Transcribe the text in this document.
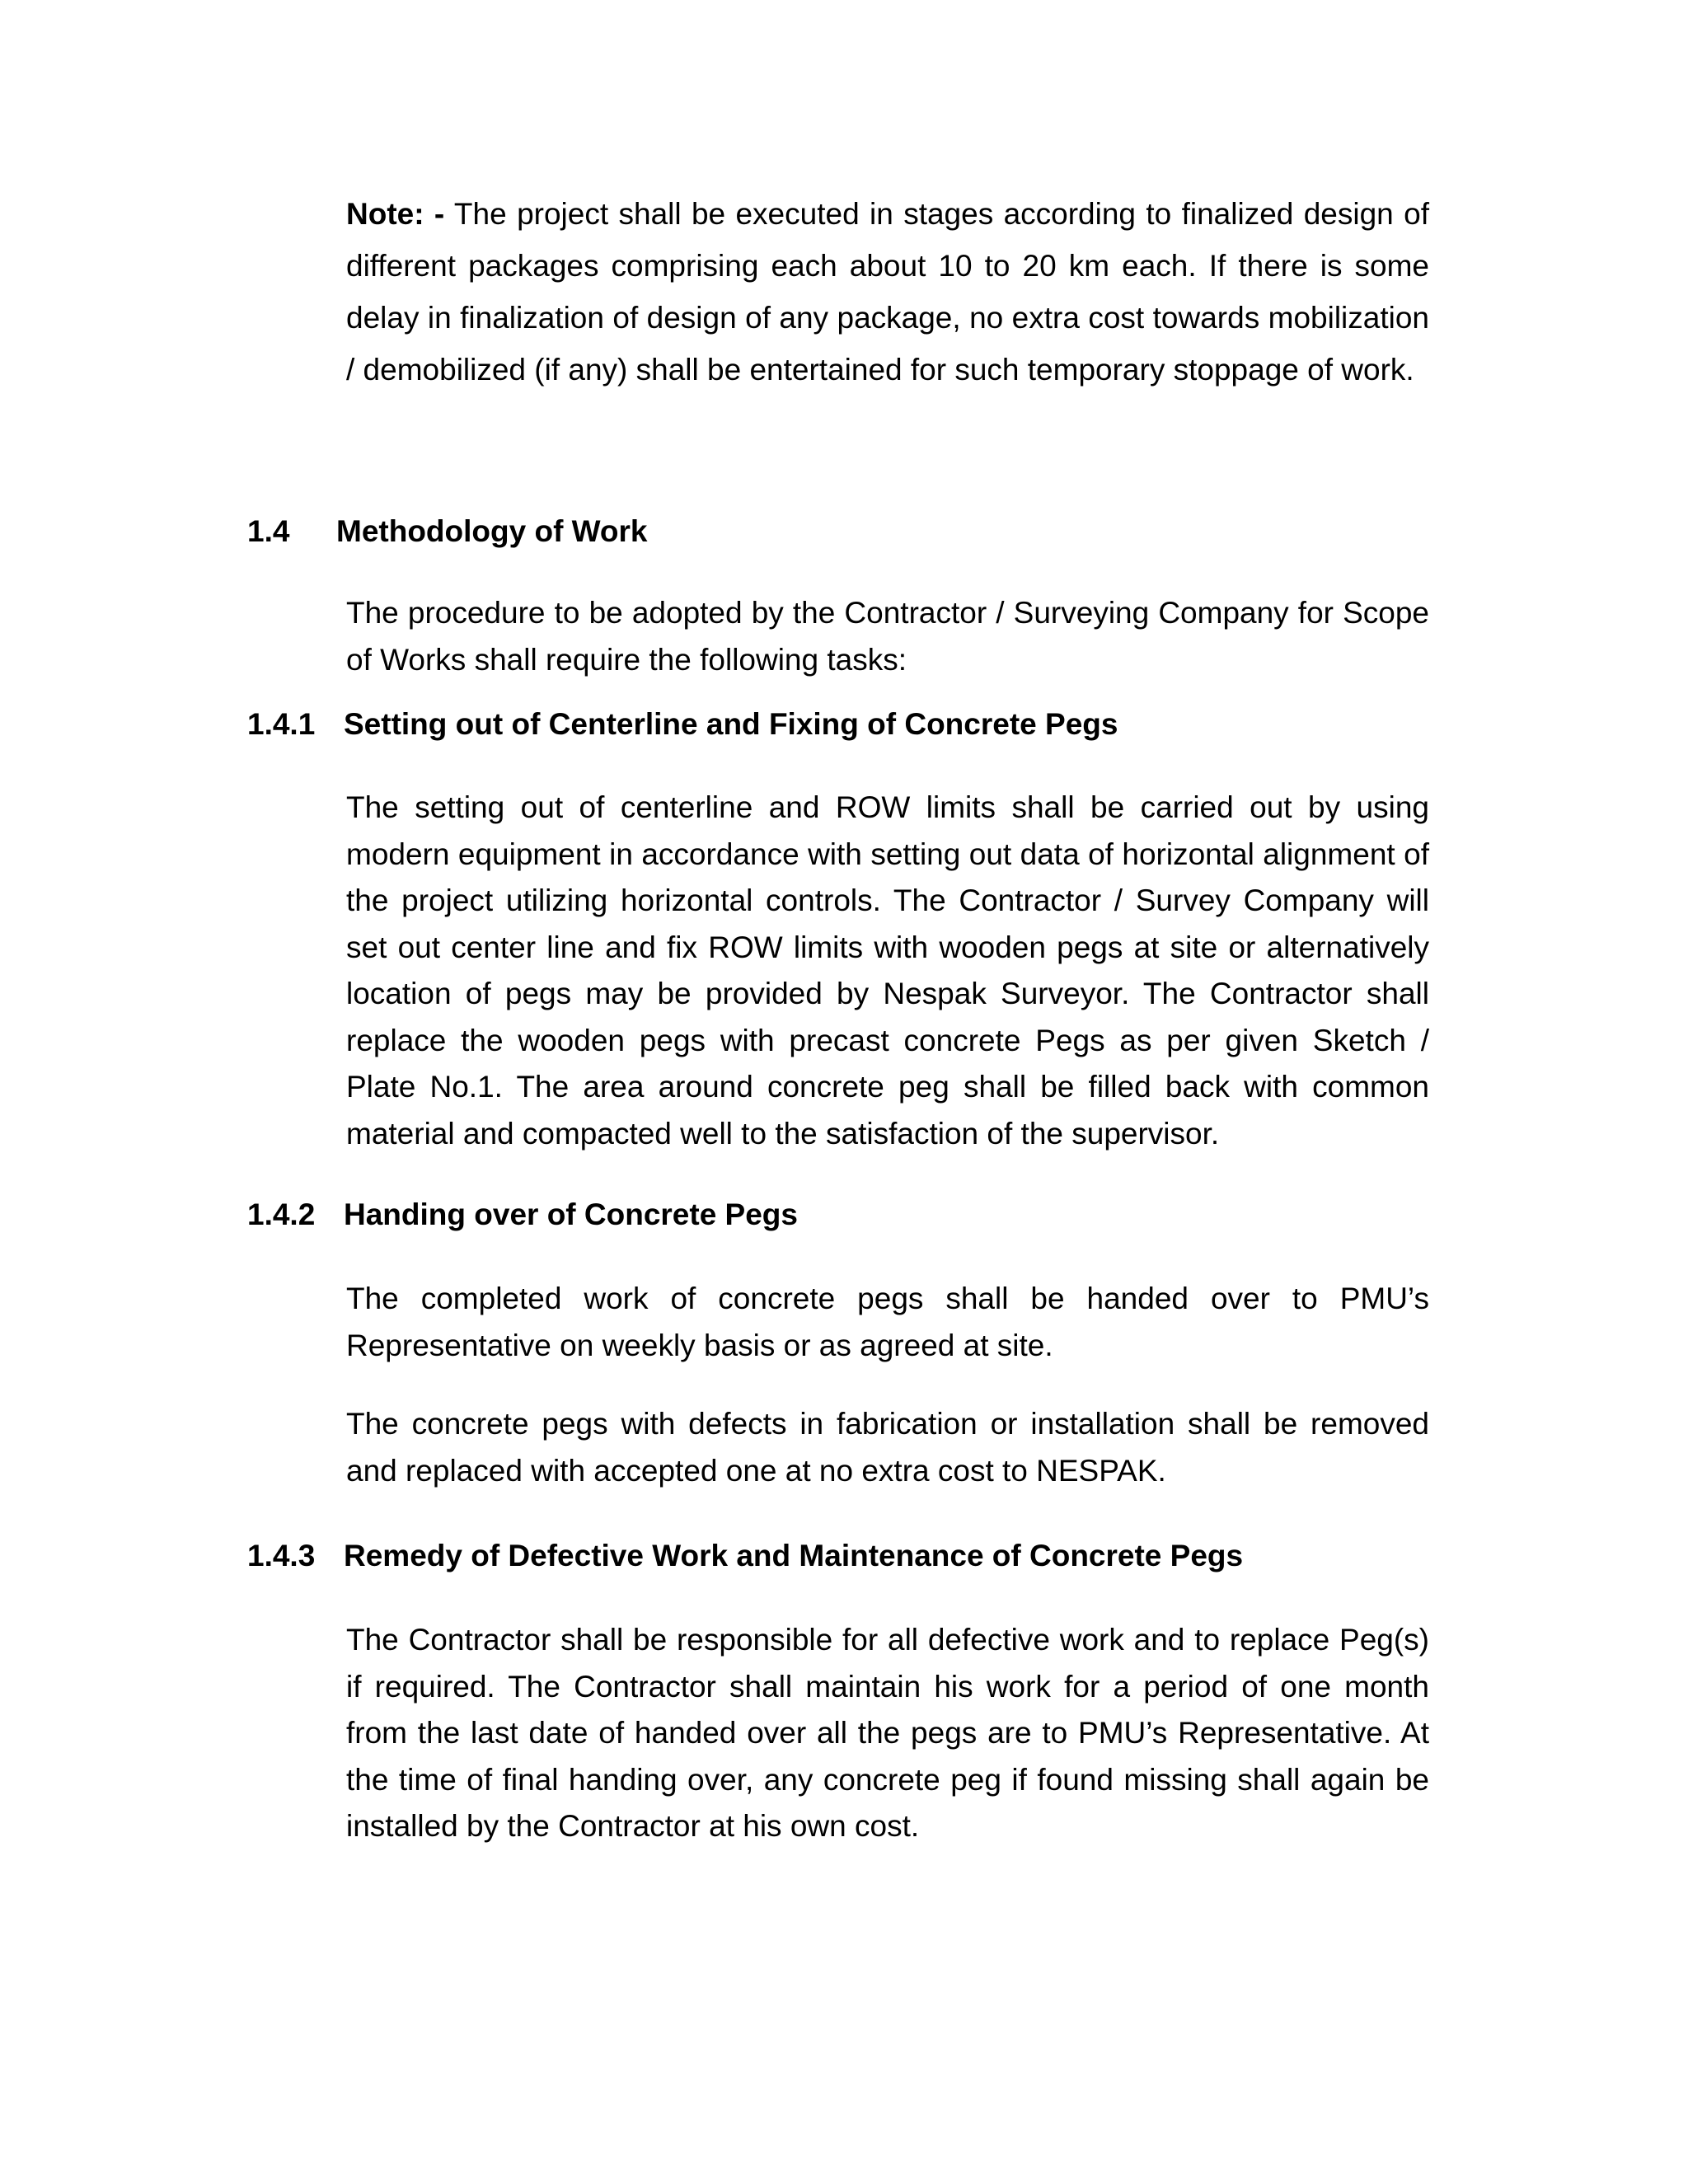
Note: - The project shall be executed in stages according to finalized design of different packages comprising each about 10 to 20 km each. If there is some delay in finalization of design of any package, no extra cost towards mobilization / demobilized (if any) shall be entertained for such temporary stoppage of work.

1.4 Methodology of Work

The procedure to be adopted by the Contractor / Surveying Company for Scope of Works shall require the following tasks:

1.4.1 Setting out of Centerline and Fixing of Concrete Pegs

The setting out of centerline and ROW limits shall be carried out by using modern equipment in accordance with setting out data of horizontal alignment of the project utilizing horizontal controls. The Contractor / Survey Company will set out center line and fix ROW limits with wooden pegs at site or alternatively location of pegs may be provided by Nespak Surveyor. The Contractor shall replace the wooden pegs with precast concrete Pegs as per given Sketch / Plate No.1. The area around concrete peg shall be filled back with common material and compacted well to the satisfaction of the supervisor.

1.4.2 Handing over of Concrete Pegs

The completed work of concrete pegs shall be handed over to PMU’s Representative on weekly basis or as agreed at site.

The concrete pegs with defects in fabrication or installation shall be removed and replaced with accepted one at no extra cost to NESPAK.

1.4.3 Remedy of Defective Work and Maintenance of Concrete Pegs

The Contractor shall be responsible for all defective work and to replace Peg(s) if required. The Contractor shall maintain his work for a period of one month from the last date of handed over all the pegs are to PMU’s Representative. At the time of final handing over, any concrete peg if found missing shall again be installed by the Contractor at his own cost.
